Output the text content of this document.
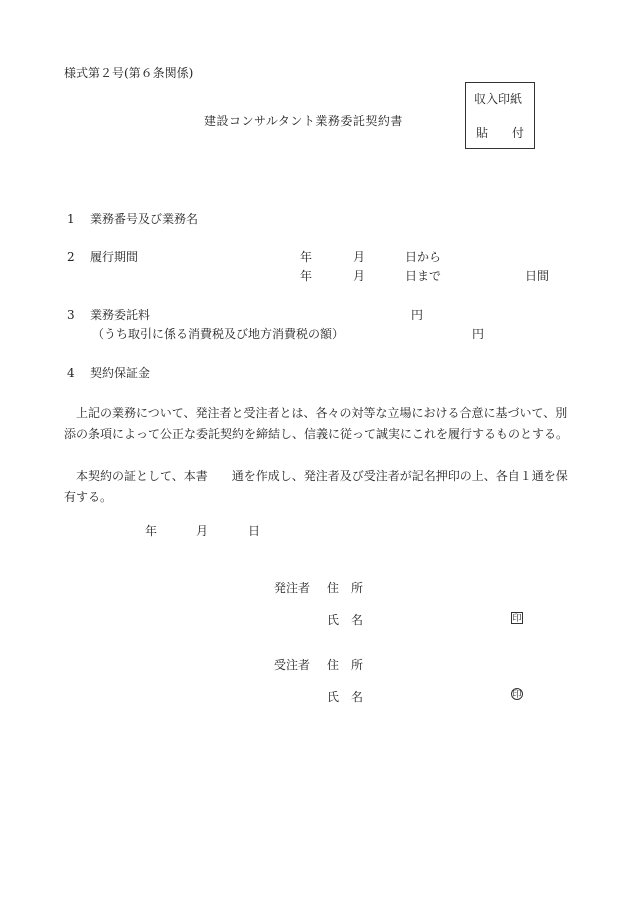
様式第２号(第６条関係)
建設コンサルタント業務委託契約書
収入印紙
貼　　付
1 業務番号及び業務名
2 履行期間	年	月	日から
年	月	日まで	日間
3 業務委託料	円
（うち取引に係る消費税及び地方消費税の額）	円
4 契約保証金
上記の業務について、発注者と受注者とは、各々の対等な立場における合意に基づいて、別添の条項によって公正な委託契約を締結し、信義に従って誠実にこれを履行するものとする。
本契約の証として、本書　　通を作成し、発注者及び受注者が記名押印の上、各自１通を保有する。
年	月	日
発注者 住　所
氏　名	印
受注者 住　所
氏　名	印
